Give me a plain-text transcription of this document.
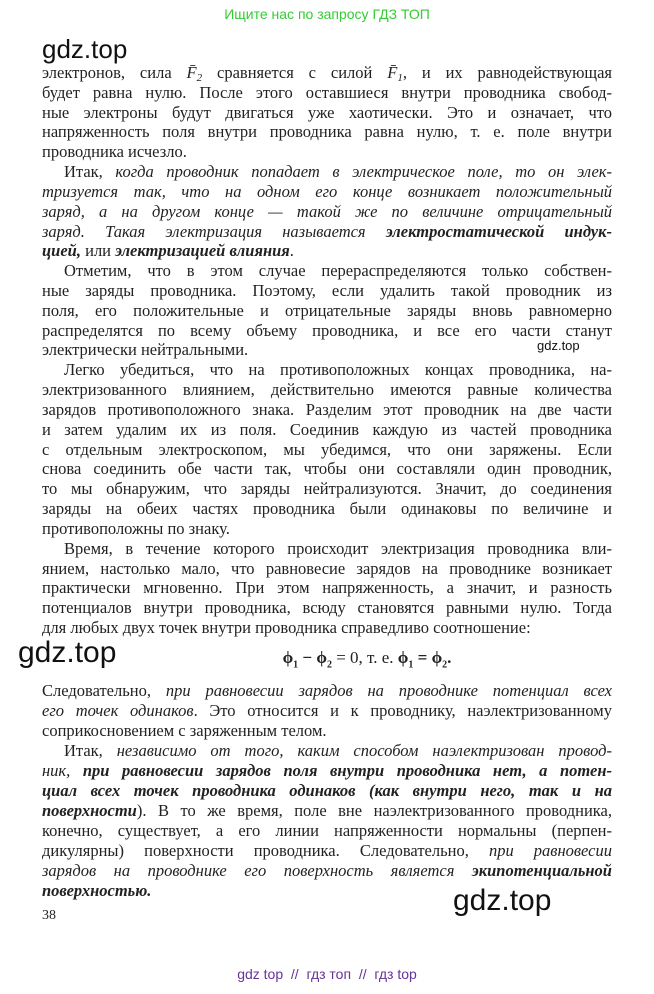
Ищите нас по запросу ГДЗ ТОП
gdz.top
gdz.top
gdz.top
gdz.top
электронов, сила F̄2 сравняется с силой F̄1, и их равнодействующая
будет равна нулю. После этого оставшиеся внутри проводника свобод-
ные электроны будут двигаться уже хаотически. Это и означает, что
напряженность поля внутри проводника равна нулю, т. е. поле внутри
проводника исчезло.
Итак, когда проводник попадает в электрическое поле, то он элек-
тризуется так, что на одном его конце возникает положительный
заряд, а на другом конце — такой же по величине отрицательный
заряд. Такая электризация называется электростатической индук-
цией, или электризацией влияния.
Отметим, что в этом случае перераспределяются только собствен-
ные заряды проводника. Поэтому, если удалить такой проводник из
поля, его положительные и отрицательные заряды вновь равномерно
распределятся по всему объему проводника, и все его части станут
электрически нейтральными.
Легко убедиться, что на противоположных концах проводника, на-
электризованного влиянием, действительно имеются равные количества
зарядов противоположного знака. Разделим этот проводник на две части
и затем удалим их из поля. Соединив каждую из частей проводника
с отдельным электроскопом, мы убедимся, что они заряжены. Если
снова соединить обе части так, чтобы они составляли один проводник,
то мы обнаружим, что заряды нейтрализуются. Значит, до соединения
заряды на обеих частях проводника были одинаковы по величине и
противоположны по знаку.
Время, в течение которого происходит электризация проводника вли-
янием, настолько мало, что равновесие зарядов на проводнике возникает
практически мгновенно. При этом напряженность, а значит, и разность
потенциалов внутри проводника, всюду становятся равными нулю. Тогда
для любых двух точек внутри проводника справедливо соотношение:
$\phi_1 - \phi_2 = 0$, т. е. $\phi_1 = \phi_2$.
Следовательно, при равновесии зарядов на проводнике потенциал всех
его точек одинаков. Это относится и к проводнику, наэлектризованному
соприкосновением с заряженным телом.
Итак, независимо от того, каким способом наэлектризован провод-
ник, при равновесии зарядов поля внутри проводника нет, а потен-
циал всех точек проводника одинаков (как внутри него, так и на
поверхности). В то же время, поле вне наэлектризованного проводника,
конечно, существует, а его линии напряженности нормальны (перпен-
дикулярны) поверхности проводника. Следовательно, при равновесии
зарядов на проводнике его поверхность является экипотенциальной
поверхностью.
38
gdz top  //  гдз топ  //  гдз top
